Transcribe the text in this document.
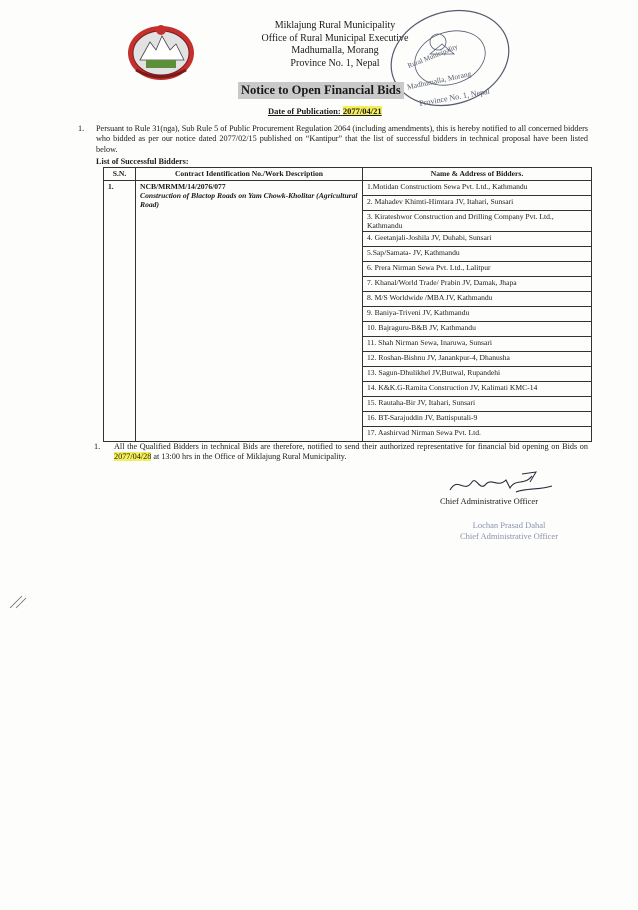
Miklajung Rural Municipality
Office of Rural Municipal Executive
Madhumalla, Morang
Province No. 1, Nepal	Rural Municipality
Madhumalla, Morang
Province No. 1, Nepal
Notice to Open Financial Bids
Date of Publication: 2077/04/21
1. Persuant to Rule 31(nga), Sub Rule 5 of Public Procurement Regulation 2064 (including amendments), this is hereby notified to all concerned bidders who bidded as per our notice dated 2077/02/15 published on “Kantipur” that the list of successful bidders in technical proposal have been listed below.
List of Successful Bidders:
S.N.	Contract Identification No./Work Description	Name & Address of Bidders.
1.	NCB/MRMM/14/2076/077
Construction of Blactop Roads on Yam Chowk-Kholitar (Agricultural Road)	1.Motidan Constructiom Sewa Pvt. Ltd., Kathmandu
		2. Mahadev Khimti-Himtara JV, Itahari, Sunsari
		3. Kirateshwor Construction and Drilling Company Pvt. Ltd., Kathmandu
		4. Geetanjali-Joshila JV, Duhabi, Sunsari
		5.Sap/Samata- JV, Kathmandu
		6. Prera Nirman Sewa Pvt. Ltd., Lalitpur
		7. Khanal/World Trade/ Prabin JV, Damak, Jhapa
		8. M/S Worldwide /MBA JV, Kathmandu
		9. Baniya-Triveni JV, Kathmandu
		10. Bajraguru-B&B JV, Kathmandu
		11. Shah Nirman Sewa, Inaruwa, Sunsari
		12. Roshan-Bishnu JV, Janankpur-4, Dhanusha
		13. Sagun-Dhulikhel JV,Butwal, Rupandehi
		14. K&K.G-Ramita Construction JV, Kalimati KMC-14
		15. Rautaha-Bir JV, Itahari, Sunsari
		16. BT-Sarajuddin JV, Battisputali-9
		17. Aashirvad Nirman Sewa Pvt. Ltd.
1. All the Qualified Bidders in technical Bids are therefore, notified to send their authorized representative for financial bid opening on Bids on 2077/04/28 at 13:00 hrs in the Office of Miklajung Rural Municipality.
Chief Administrative Officer
Lochan Prasad Dahal
Chief Administrative Officer
